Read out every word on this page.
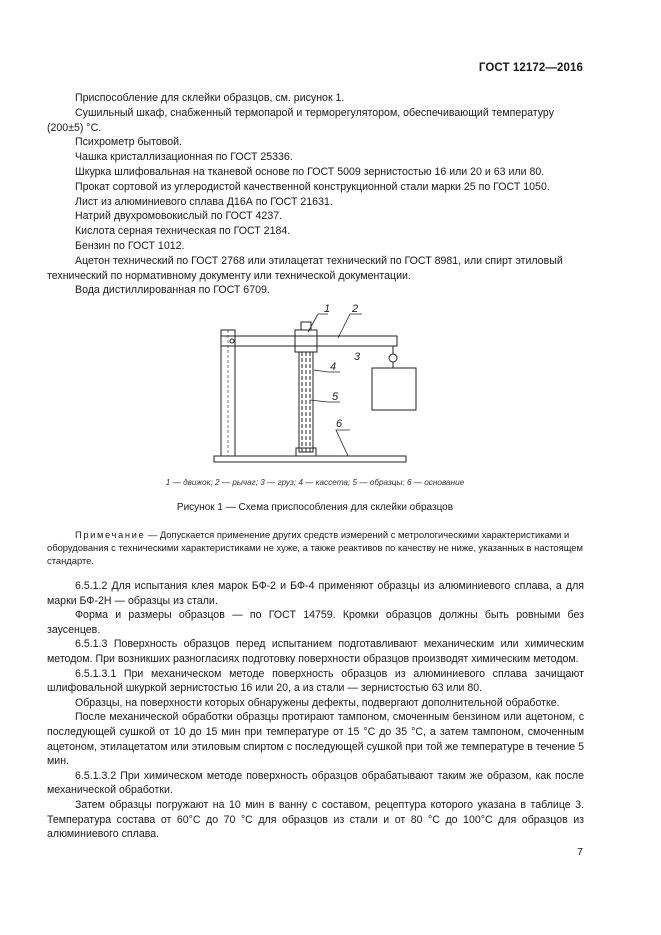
ГОСТ 12172—2016

Приспособление для склейки образцов, см. рисунок 1.

Сушильный шкаф, снабженный термопарой и терморегулятором, обеспечивающий температуру

(200±5) °С.

Психрометр бытовой.

Чашка кристаллизационная по ГОСТ 25336.

Шкурка шлифовальная на тканевой основе по ГОСТ 5009 зернистостью 16 или 20 и 63 или 80.

Прокат сортовой из углеродистой качественной конструкционной стали марки 25 по ГОСТ 1050.

Лист из алюминиевого сплава Д16А по ГОСТ 21631.

Натрий двухромовокислый по ГОСТ 4237.

Кислота серная техническая по ГОСТ 2184.

Бензин по ГОСТ 1012.

Ацетон технический по ГОСТ 2768 или этилацетат технический по ГОСТ 8981, или спирт этиловый

технический по нормативному документу или технической документации.

Вода дистиллированная по ГОСТ 6709.

1 2
3
4
5
6
1 — движок; 2 — рычаг; 3 — груз; 4 — кассета; 5 — образцы; 6 — основание
Рисунок 1 — Схема приспособления для склейки образцов
Примечание — Допускается применение других средств измерений с метрологическими характеристиками и оборудования с техническими характеристиками не хуже, а также реактивов по качеству не ниже, указанных в настоящем стандарте.

6.5.1.2 Для испытания клея марок БФ-2 и БФ-4 применяют образцы из алюминиевого сплава, а для марки БФ-2Н — образцы из стали.

Форма и размеры образцов — по ГОСТ 14759. Кромки образцов должны быть ровными без заусенцев.

6.5.1.3 Поверхность образцов перед испытанием подготавливают механическим или химическим методом. При возникших разногласиях подготовку поверхности образцов производят химическим методом.

6.5.1.3.1 При механическом методе поверхность образцов из алюминиевого сплава зачищают шлифовальной шкуркой зернистостью 16 или 20, а из стали — зернистостью 63 или 80.

Образцы, на поверхности которых обнаружены дефекты, подвергают дополнительной обработке.

После механической обработки образцы протирают тампоном, смоченным бензином или ацетоном, с последующей сушкой от 10 до 15 мин при температуре от 15 °С до 35 °С, а затем тампоном, смоченным ацетоном, этилацетатом или этиловым спиртом с последующей сушкой при той же температуре в течение 5 мин.

6.5.1.3.2 При химическом методе поверхность образцов обрабатывают таким же образом, как после механической обработки.

Затем образцы погружают на 10 мин в ванну с составом, рецептура которого указана в таблице 3. Температура состава от 60°С до 70 °С для образцов из стали и от 80 °С до 100°С для образцов из алюминиевого сплава.

7
